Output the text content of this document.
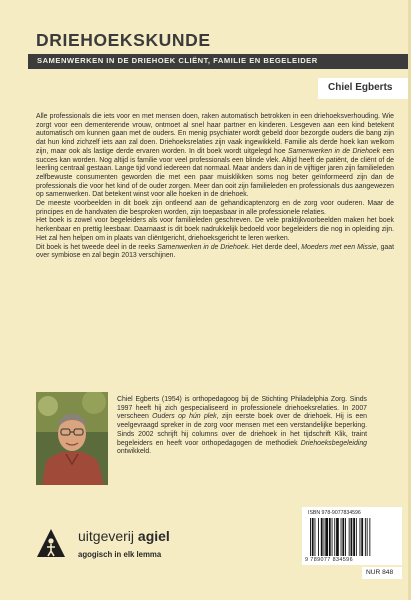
DRIEHOEKSKUNDE
SAMENWERKEN IN DE DRIEHOEK CLIËNT, FAMILIE EN BEGELEIDER
Chiel Egberts

Alle professionals die iets voor en met mensen doen, raken automatisch betrokken in een driehoeksverhouding. Wie zorgt voor een dementerende vrouw, ontmoet al snel haar partner en kinderen. Lesgeven aan een kind betekent automatisch om kunnen gaan met de ouders. En menig psychiater wordt gebeld door bezorgde ouders die bang zijn dat hun kind zichzelf iets aan zal doen. Driehoeksrelaties zijn vaak ingewikkeld. Familie als derde hoek kan welkom zijn, maar ook als lastige derde ervaren worden. In dit boek wordt uitgelegd hoe Samenwerken in de Driehoek een succes kan worden. Nog altijd is familie voor veel professionals een blinde vlek. Altijd heeft de patiënt, de cliënt of de leerling centraal gestaan. Lange tijd vond iedereen dat normaal. Maar anders dan in de vijftiger jaren zijn familieleden zelfbewuste consumenten geworden die met een paar muisklikken soms nog beter geïnformeerd zijn dan de professionals die voor het kind of de ouder zorgen. Meer dan ooit zijn familieleden en professionals dus aangewezen op samenwerken. Dat betekent winst voor alle hoeken in de driehoek.

De meeste voorbeelden in dit boek zijn ontleend aan de gehandicaptenzorg en de zorg voor ouderen. Maar de principes en de handvaten die besproken worden, zijn toepasbaar in alle professionele relaties.

Het boek is zowel voor begeleiders als voor familieleden geschreven. De vele praktijkvoorbeelden maken het boek herkenbaar en prettig leesbaar. Daarnaast is dit boek nadrukkelijk bedoeld voor begeleiders die nog in opleiding zijn. Het zal hen helpen om in plaats van cliëntgericht, driehoeksgericht te leren werken.

Dit boek is het tweede deel in de reeks Samenwerken in de Driehoek. Het derde deel, Moeders met een Missie, gaat over symbiose en zal begin 2013 verschijnen.

Chiel Egberts (1954) is orthopedagoog bij de Stichting Philadelphia Zorg. Sinds 1997 heeft hij zich gespecialiseerd in professionele driehoeksrelaties. In 2007 verscheen Ouders op hún plek, zijn eerste boek over de driehoek. Hij is een veelgevraagd spreker in de zorg voor mensen met een verstandelijke beperking. Sinds 2002 schrijft hij columns over de driehoek in het tijdschrift Klik, traint begeleiders en heeft voor orthopedagogen de methodiek Driehoeksbegeleiding ontwikkeld.
uitgeverij agiel
agogisch in elk lemma
ISBN 978-9077834596
9 789077 834596
NUR 848
